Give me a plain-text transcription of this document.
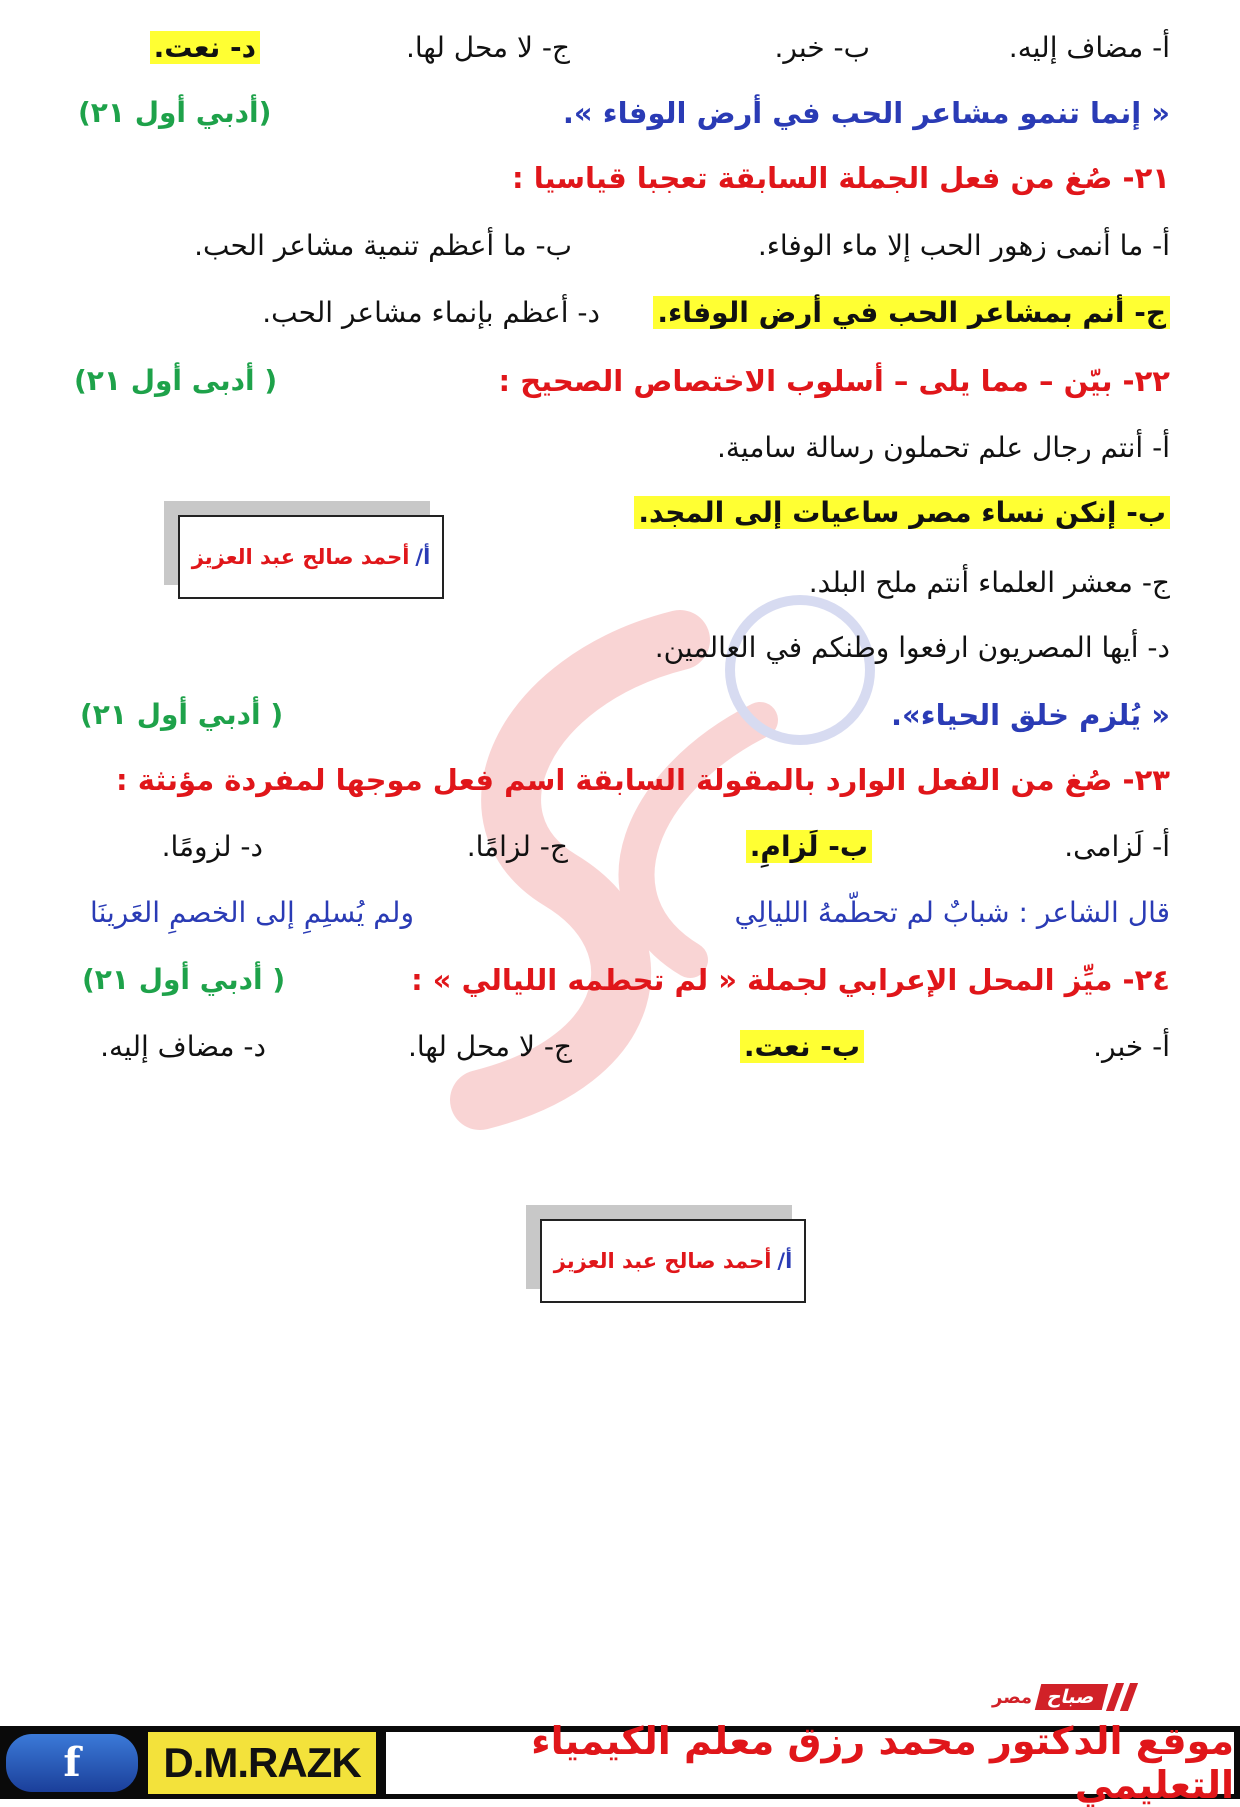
أ- مضاف إليه.
ب- خبر.
ج- لا محل لها.
د- نعت.
« إنما تنمو مشاعر الحب في أرض الوفاء ».
(أدبي أول ٢١)
٢١- صُغ من فعل الجملة السابقة تعجبا قياسيا :
أ- ما أنمى زهور الحب إلا ماء الوفاء.
ب- ما أعظم تنمية مشاعر الحب.
ج- أنم بمشاعر الحب في أرض الوفاء.
د- أعظم بإنماء مشاعر الحب.
٢٢- بيّن – مما يلى – أسلوب الاختصاص الصحيح :
( أدبى أول ٢١)
أ- أنتم رجال علم تحملون رسالة سامية.
ب- إنكن نساء مصر ساعيات إلى المجد.
ج- معشر العلماء أنتم ملح البلد.
د- أيها المصريون ارفعوا وطنكم في العالمين.
أ/
أحمد صالح عبد العزيز
« يُلزم خلق الحياء».
( أدبي أول ٢١)
٢٣- صُغ من الفعل الوارد بالمقولة السابقة اسم فعل موجها لمفردة مؤنثة :
أ- لَزامى.
ب- لَزامِ.
ج- لزامًا.
د- لزومًا.
قال الشاعر : شبابٌ لم تحطّمهُ الليالِي
ولم يُسلِمِ إلى الخصمِ العَرينَا
٢٤- ميِّز المحل الإعرابي لجملة « لم تحطمه الليالي » :
( أدبي أول ٢١)
أ- خبر.
ب- نعت.
ج- لا محل لها.
د- مضاف إليه.
أ/
أحمد صالح عبد العزيز
مصر صباح
f	D.M.RAZK	موقع الدكتور محمد رزق معلم الكيمياء التعليمي
